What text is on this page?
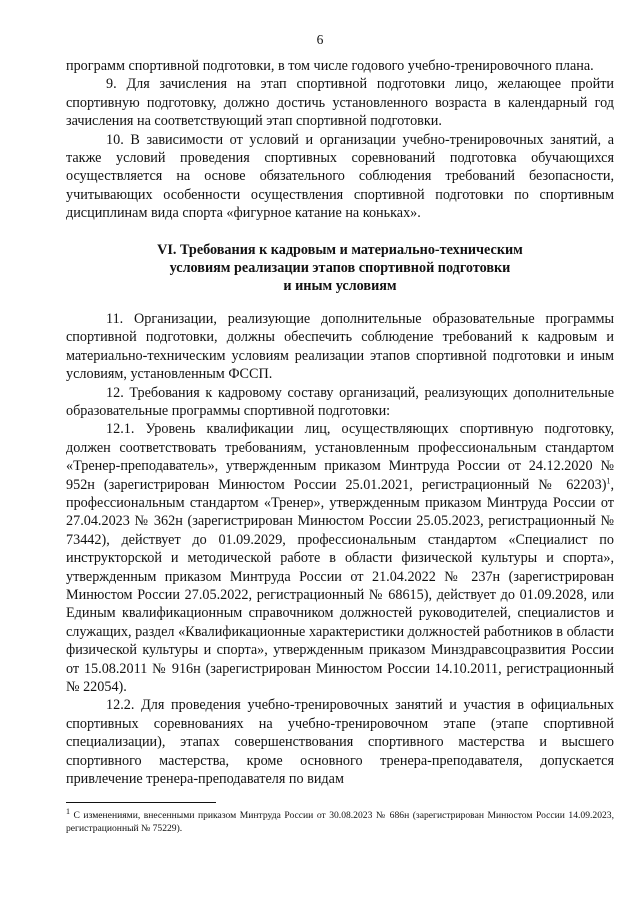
6

программ спортивной подготовки, в том числе годового учебно-тренировочного плана.

9. Для зачисления на этап спортивной подготовки лицо, желающее пройти спортивную подготовку, должно достичь установленного возраста в календарный год зачисления на соответствующий этап спортивной подготовки.

10. В зависимости от условий и организации учебно-тренировочных занятий, а также условий проведения спортивных соревнований подготовка обучающихся осуществляется на основе обязательного соблюдения требований безопасности, учитывающих особенности осуществления спортивной подготовки по спортивным дисциплинам вида спорта «фигурное катание на коньках».

VI. Требования к кадровым и материально-техническим
условиям реализации этапов спортивной подготовки
и иным условиям

11. Организации, реализующие дополнительные образовательные программы спортивной подготовки, должны обеспечить соблюдение требований к кадровым и материально-техническим условиям реализации этапов спортивной подготовки и иным условиям, установленным ФССП.

12. Требования к кадровому составу организаций, реализующих дополнительные образовательные программы спортивной подготовки:

12.1. Уровень квалификации лиц, осуществляющих спортивную подготовку, должен соответствовать требованиям, установленным профессиональным стандартом «Тренер-преподаватель», утвержденным приказом Минтруда России от 24.12.2020 № 952н (зарегистрирован Минюстом России 25.01.2021, регистрационный № 62203)$^1$, профессиональным стандартом «Тренер», утвержденным приказом Минтруда России от 27.04.2023 № 362н (зарегистрирован Минюстом России 25.05.2023, регистрационный № 73442), действует до 01.09.2029, профессиональным стандартом «Специалист по инструкторской и методической работе в области физической культуры и спорта», утвержденным приказом Минтруда России от 21.04.2022 № 237н (зарегистрирован Минюстом России 27.05.2022, регистрационный № 68615), действует до 01.09.2028, или Единым квалификационным справочником должностей руководителей, специалистов и служащих, раздел «Квалификационные характеристики должностей работников в области физической культуры и спорта», утвержденным приказом Минздравсоцразвития России от 15.08.2011 № 916н (зарегистрирован Минюстом России 14.10.2011, регистрационный № 22054).

12.2. Для проведения учебно-тренировочных занятий и участия в официальных спортивных соревнованиях на учебно-тренировочном этапе (этапе спортивной специализации), этапах совершенствования спортивного мастерства и высшего спортивного мастерства, кроме основного тренера-преподавателя, допускается привлечение тренера-преподавателя по видам

$^1$ С изменениями, внесенными приказом Минтруда России от 30.08.2023 № 686н (зарегистрирован Минюстом России 14.09.2023, регистрационный № 75229).
